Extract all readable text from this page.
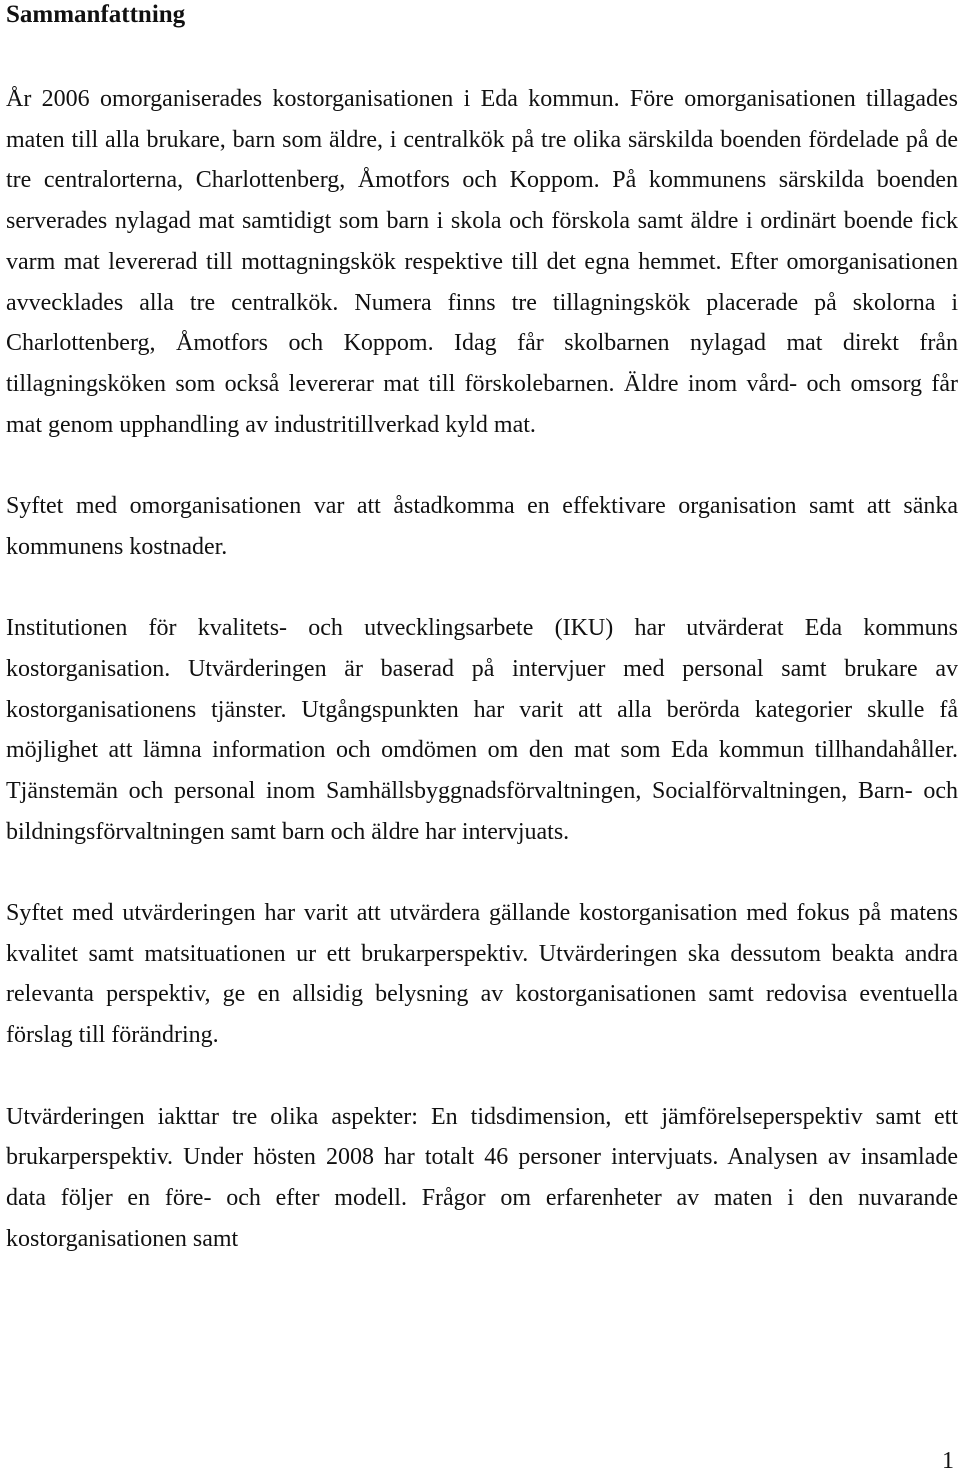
Sammanfattning

År 2006 omorganiserades kostorganisationen i Eda kommun. Före omorganisationen tillagades maten till alla brukare, barn som äldre, i centralkök på tre olika särskilda boenden fördelade på de tre centralorterna, Charlottenberg, Åmotfors och Koppom. På kommunens särskilda boenden serverades nylagad mat samtidigt som barn i skola och förskola samt äldre i ordinärt boende fick varm mat levererad till mottagningskök respektive till det egna hemmet. Efter omorganisationen avvecklades alla tre centralkök. Numera finns tre tillagningskök placerade på skolorna i Charlottenberg, Åmotfors och Koppom. Idag får skolbarnen nylagad mat direkt från tillagningsköken som också levererar mat till förskolebarnen. Äldre inom vård- och omsorg får mat genom upphandling av industritillverkad kyld mat.

Syftet med omorganisationen var att åstadkomma en effektivare organisation samt att sänka kommunens kostnader.

Institutionen för kvalitets- och utvecklingsarbete (IKU) har utvärderat Eda kommuns kostorganisation. Utvärderingen är baserad på intervjuer med personal samt brukare av kostorganisationens tjänster. Utgångspunkten har varit att alla berörda kategorier skulle få möjlighet att lämna information och omdömen om den mat som Eda kommun tillhandahåller. Tjänstemän och personal inom Samhällsbyggnadsförvaltningen, Socialförvaltningen, Barn- och bildningsförvaltningen samt barn och äldre har intervjuats.

Syftet med utvärderingen har varit att utvärdera gällande kostorganisation med fokus på matens kvalitet samt matsituationen ur ett brukarperspektiv. Utvärderingen ska dessutom beakta andra relevanta perspektiv, ge en allsidig belysning av kostorganisationen samt redovisa eventuella förslag till förändring.

Utvärderingen iakttar tre olika aspekter: En tidsdimension, ett jämförelseperspektiv samt ett brukarperspektiv. Under hösten 2008 har totalt 46 personer intervjuats. Analysen av insamlade data följer en före- och efter modell. Frågor om erfarenheter av maten i den nuvarande kostorganisationen samt

1
